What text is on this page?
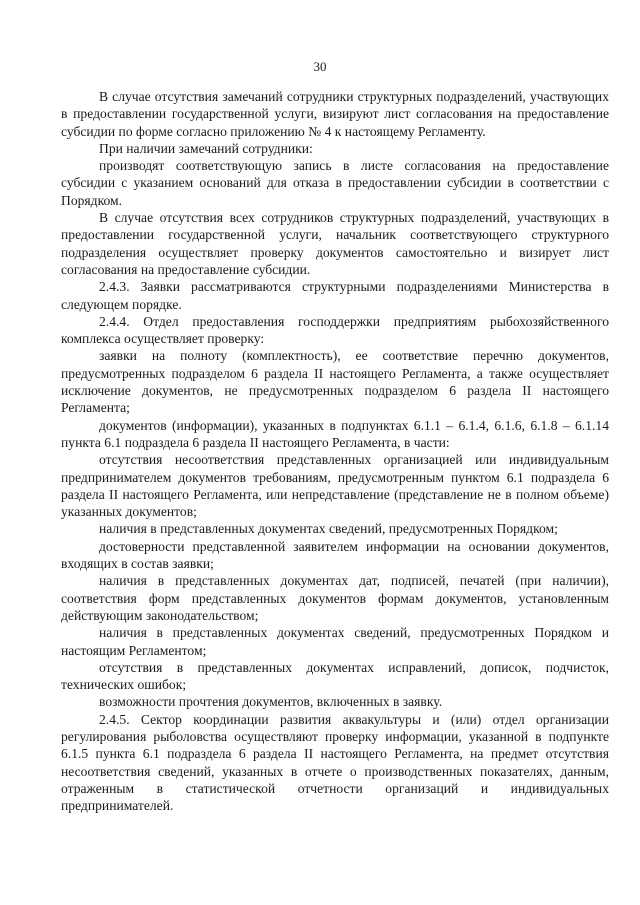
30

В случае отсутствия замечаний сотрудники структурных подразделений, участвующих в предоставлении государственной услуги, визируют лист согласования на предоставление субсидии по форме согласно приложению № 4 к настоящему Регламенту.

При наличии замечаний сотрудники:

производят соответствующую запись в листе согласования на предоставление субсидии с указанием оснований для отказа в предоставлении субсидии в соответствии с Порядком.

В случае отсутствия всех сотрудников структурных подразделений, участвующих в предоставлении государственной услуги, начальник соответствующего структурного подразделения осуществляет проверку документов самостоятельно и визирует лист согласования на предоставление субсидии.

2.4.3. Заявки рассматриваются структурными подразделениями Министерства в следующем порядке.

2.4.4. Отдел предоставления господдержки предприятиям рыбохозяйственного комплекса осуществляет проверку:

заявки на полноту (комплектность), ее соответствие перечню документов, предусмотренных подразделом 6 раздела II настоящего Регламента, а также осуществляет исключение документов, не предусмотренных подразделом 6 раздела II настоящего Регламента;

документов (информации), указанных в подпунктах 6.1.1 – 6.1.4, 6.1.6, 6.1.8 – 6.1.14 пункта 6.1 подраздела 6 раздела II настоящего Регламента, в части:

отсутствия несоответствия представленных организацией или индивидуальным предпринимателем документов требованиям, предусмотренным пунктом 6.1 подраздела 6 раздела II настоящего Регламента, или непредставление (представление не в полном объеме) указанных документов;

наличия в представленных документах сведений, предусмотренных Порядком;

достоверности представленной заявителем информации на основании документов, входящих в состав заявки;

наличия в представленных документах дат, подписей, печатей (при наличии), соответствия форм представленных документов формам документов, установленным действующим законодательством;

наличия в представленных документах сведений, предусмотренных Порядком и настоящим Регламентом;

отсутствия в представленных документах исправлений, дописок, подчисток, технических ошибок;

возможности прочтения документов, включенных в заявку.

2.4.5. Сектор координации развития аквакультуры и (или) отдел организации регулирования рыболовства осуществляют проверку информации, указанной в подпункте 6.1.5 пункта 6.1 подраздела 6 раздела II настоящего Регламента, на предмет отсутствия несоответствия сведений, указанных в отчете о производственных показателях, данным, отраженным в статистической отчетности организаций и индивидуальных предпринимателей.
